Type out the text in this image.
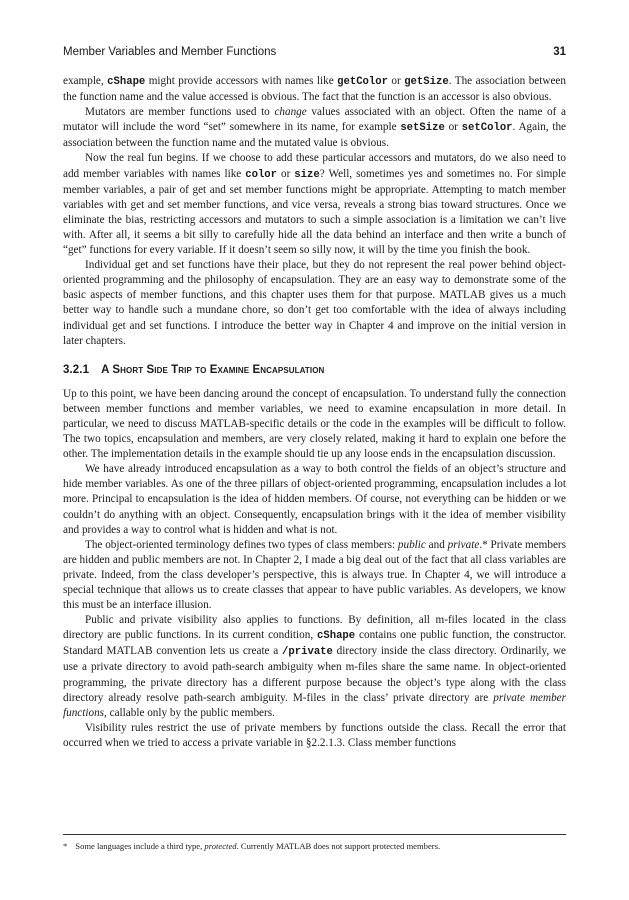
Member Variables and Member Functions	31

example, cShape might provide accessors with names like getColor or getSize. The association between the function name and the value accessed is obvious. The fact that the function is an accessor is also obvious.

Mutators are member functions used to change values associated with an object. Often the name of a mutator will include the word “set” somewhere in its name, for example setSize or setColor. Again, the association between the function name and the mutated value is obvious.

Now the real fun begins. If we choose to add these particular accessors and mutators, do we also need to add member variables with names like color or size? Well, sometimes yes and sometimes no. For simple member variables, a pair of get and set member functions might be appropriate. Attempting to match member variables with get and set member functions, and vice versa, reveals a strong bias toward structures. Once we eliminate the bias, restricting accessors and mutators to such a simple association is a limitation we can’t live with. After all, it seems a bit silly to carefully hide all the data behind an interface and then write a bunch of “get” functions for every variable. If it doesn’t seem so silly now, it will by the time you finish the book.

Individual get and set functions have their place, but they do not represent the real power behind object-oriented programming and the philosophy of encapsulation. They are an easy way to demonstrate some of the basic aspects of member functions, and this chapter uses them for that purpose. MATLAB gives us a much better way to handle such a mundane chore, so don’t get too comfortable with the idea of always including individual get and set functions. I introduce the better way in Chapter 4 and improve on the initial version in later chapters.

3.2.1 A Short Side Trip to Examine Encapsulation

Up to this point, we have been dancing around the concept of encapsulation. To understand fully the connection between member functions and member variables, we need to examine encapsulation in more detail. In particular, we need to discuss MATLAB-specific details or the code in the examples will be difficult to follow. The two topics, encapsulation and members, are very closely related, making it hard to explain one before the other. The implementation details in the example should tie up any loose ends in the encapsulation discussion.

We have already introduced encapsulation as a way to both control the fields of an object’s structure and hide member variables. As one of the three pillars of object-oriented programming, encapsulation includes a lot more. Principal to encapsulation is the idea of hidden members. Of course, not everything can be hidden or we couldn’t do anything with an object. Consequently, encapsulation brings with it the idea of member visibility and provides a way to control what is hidden and what is not.

The object-oriented terminology defines two types of class members: public and private.* Private members are hidden and public members are not. In Chapter 2, I made a big deal out of the fact that all class variables are private. Indeed, from the class developer’s perspective, this is always true. In Chapter 4, we will introduce a special technique that allows us to create classes that appear to have public variables. As developers, we know this must be an interface illusion.

Public and private visibility also applies to functions. By definition, all m-files located in the class directory are public functions. In its current condition, cShape contains one public function, the constructor. Standard MATLAB convention lets us create a /private directory inside the class directory. Ordinarily, we use a private directory to avoid path-search ambiguity when m-files share the same name. In object-oriented programming, the private directory has a different purpose because the object’s type along with the class directory already resolve path-search ambiguity. M-files in the class’ private directory are private member functions, callable only by the public members.

Visibility rules restrict the use of private members by functions outside the class. Recall the error that occurred when we tried to access a private variable in §2.2.1.3. Class member functions

* Some languages include a third type, protected. Currently MATLAB does not support protected members.
